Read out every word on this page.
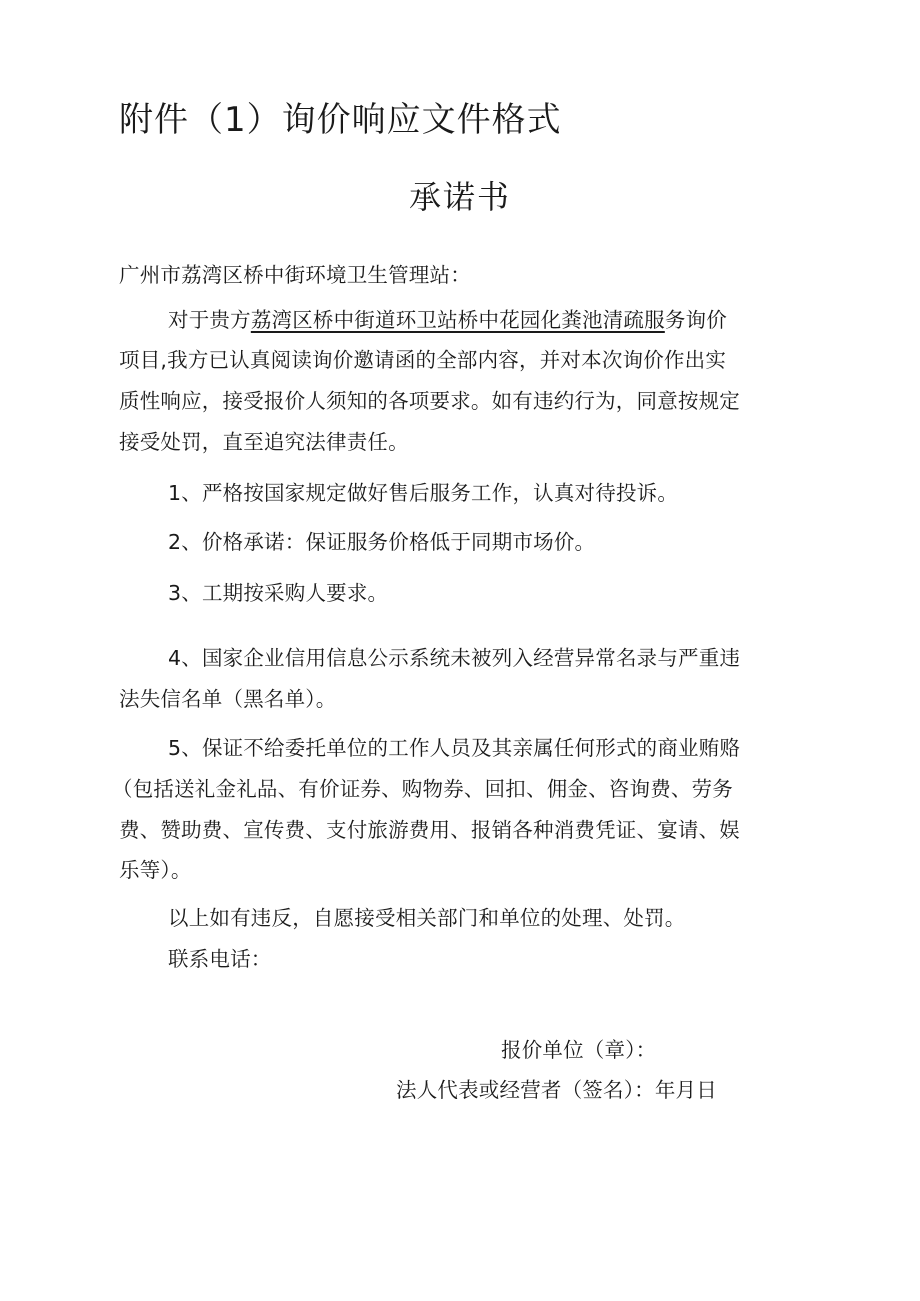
附件（1）询价响应文件格式
承诺书
广州市荔湾区桥中街环境卫生管理站：
对于贵方荔湾区桥中街道环卫站桥中花园化粪池清疏服务询价
项目,我方已认真阅读询价邀请函的全部内容，并对本次询价作出实
质性响应，接受报价人须知的各项要求。如有违约行为，同意按规定
接受处罚，直至追究法律责任。
1、严格按国家规定做好售后服务工作，认真对待投诉。
2、价格承诺：保证服务价格低于同期市场价。
3、工期按采购人要求。
4、国家企业信用信息公示系统未被列入经营异常名录与严重违
法失信名单（黑名单）。
5、保证不给委托单位的工作人员及其亲属任何形式的商业贿赂
（包括送礼金礼品、有价证券、购物券、回扣、佣金、咨询费、劳务
费、赞助费、宣传费、支付旅游费用、报销各种消费凭证、宴请、娱
乐等）。
以上如有违反，自愿接受相关部门和单位的处理、处罚。
联系电话：
报价单位（章）：
法人代表或经营者（签名）：年月日
